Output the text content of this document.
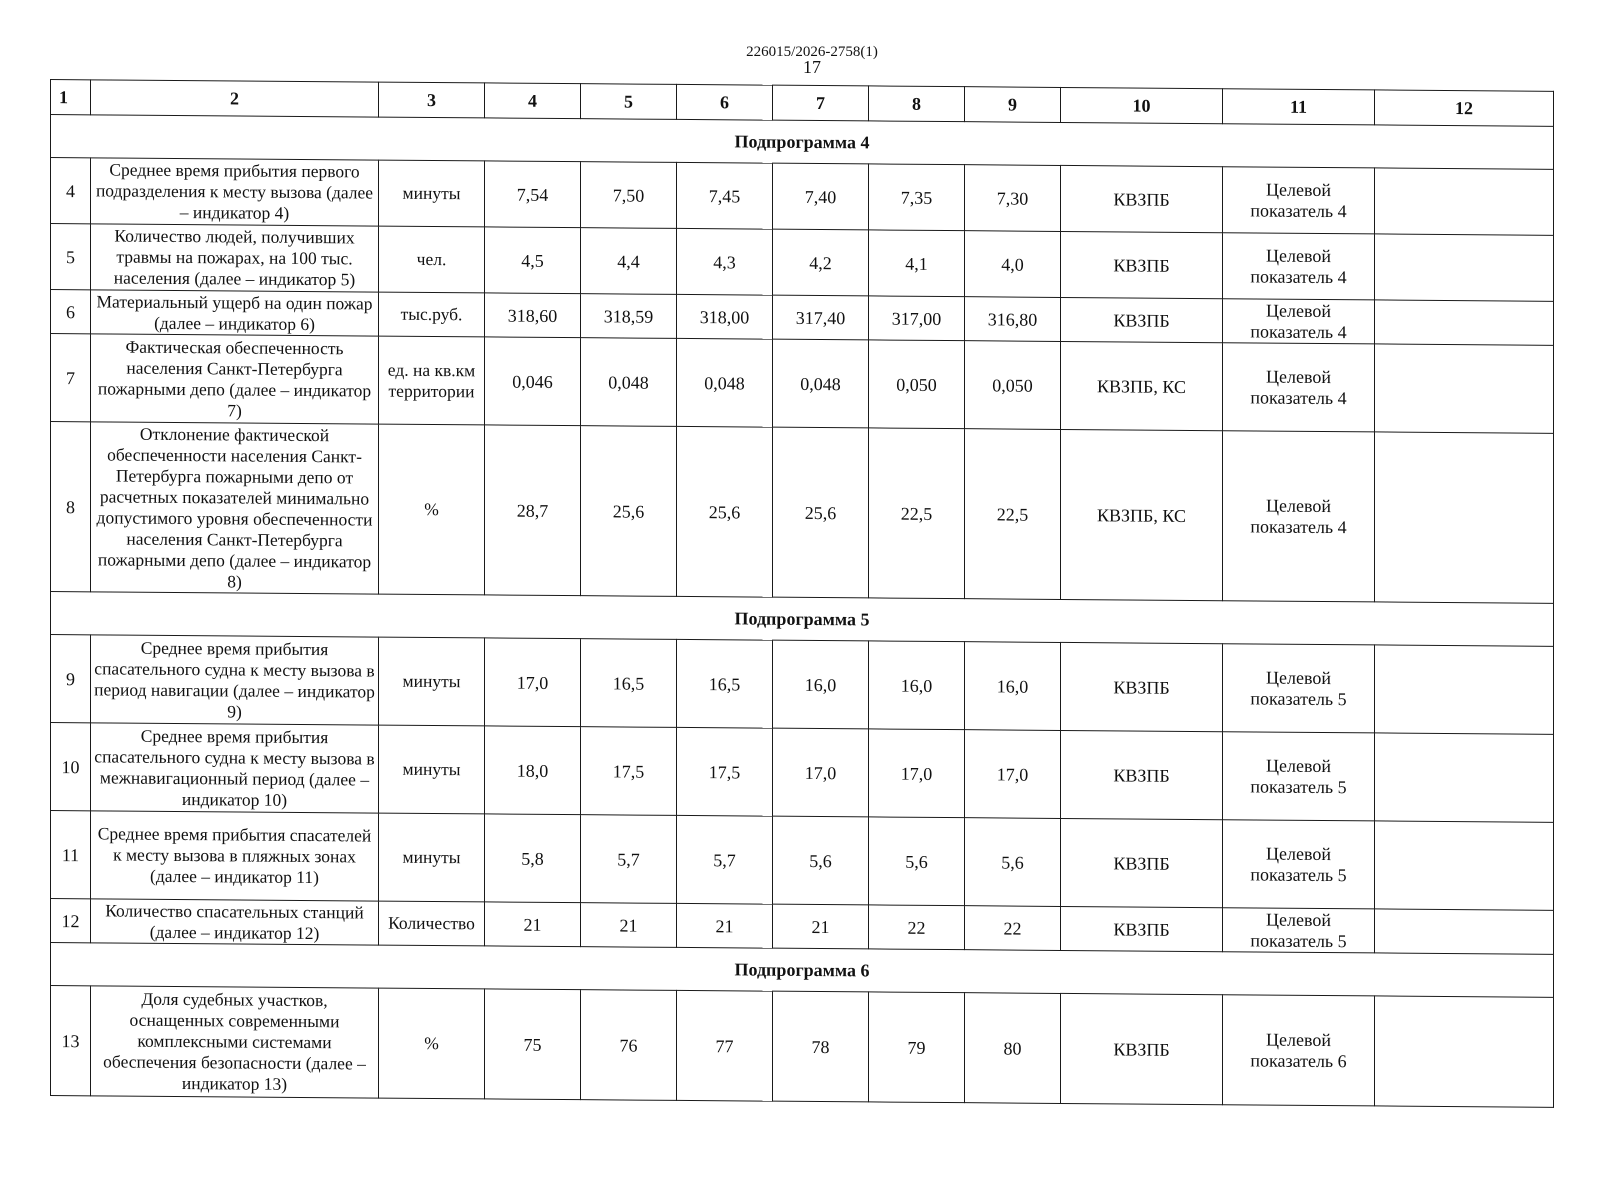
226015/2026-2758(1)
17
1	2	3	4	5	6	7	8	9	10	11	12
Подпрограмма 4											
4	Среднее время прибытия первого подразделения к месту вызова (далее – индикатор 4)	минуты	7,54	7,50	7,45	7,40	7,35	7,30	КВЗПБ	Целевой показатель 4	
5	Количество людей, получивших травмы на пожарах, на 100 тыс. населения (далее – индикатор 5)	чел.	4,5	4,4	4,3	4,2	4,1	4,0	КВЗПБ	Целевой показатель 4	
6	Материальный ущерб на один пожар (далее – индикатор 6)	тыс.руб.	318,60	318,59	318,00	317,40	317,00	316,80	КВЗПБ	Целевой показатель 4	
7	Фактическая обеспеченность населения Санкт-Петербурга пожарными депо (далее – индикатор 7)	ед. на кв.км территории	0,046	0,048	0,048	0,048	0,050	0,050	КВЗПБ, КС	Целевой показатель 4	
8	Отклонение фактической обеспеченности населения Санкт-Петербурга пожарными депо от расчетных показателей минимально допустимого уровня обеспеченности населения Санкт-Петербурга пожарными депо (далее – индикатор 8)	%	28,7	25,6	25,6	25,6	22,5	22,5	КВЗПБ, КС	Целевой показатель 4	
Подпрограмма 5											
9	Среднее время прибытия спасательного судна к месту вызова в период навигации (далее – индикатор 9)	минуты	17,0	16,5	16,5	16,0	16,0	16,0	КВЗПБ	Целевой показатель 5	
10	Среднее время прибытия спасательного судна к месту вызова в межнавигационный период (далее – индикатор 10)	минуты	18,0	17,5	17,5	17,0	17,0	17,0	КВЗПБ	Целевой показатель 5	
11	Среднее время прибытия спасателей к месту вызова в пляжных зонах (далее – индикатор 11)	минуты	5,8	5,7	5,7	5,6	5,6	5,6	КВЗПБ	Целевой показатель 5	
12	Количество спасательных станций (далее – индикатор 12)	Количество	21	21	21	21	22	22	КВЗПБ	Целевой показатель 5	
Подпрограмма 6											
13	Доля судебных участков, оснащенных современными комплексными системами обеспечения безопасности (далее – индикатор 13)	%	75	76	77	78	79	80	КВЗПБ	Целевой показатель 6	
